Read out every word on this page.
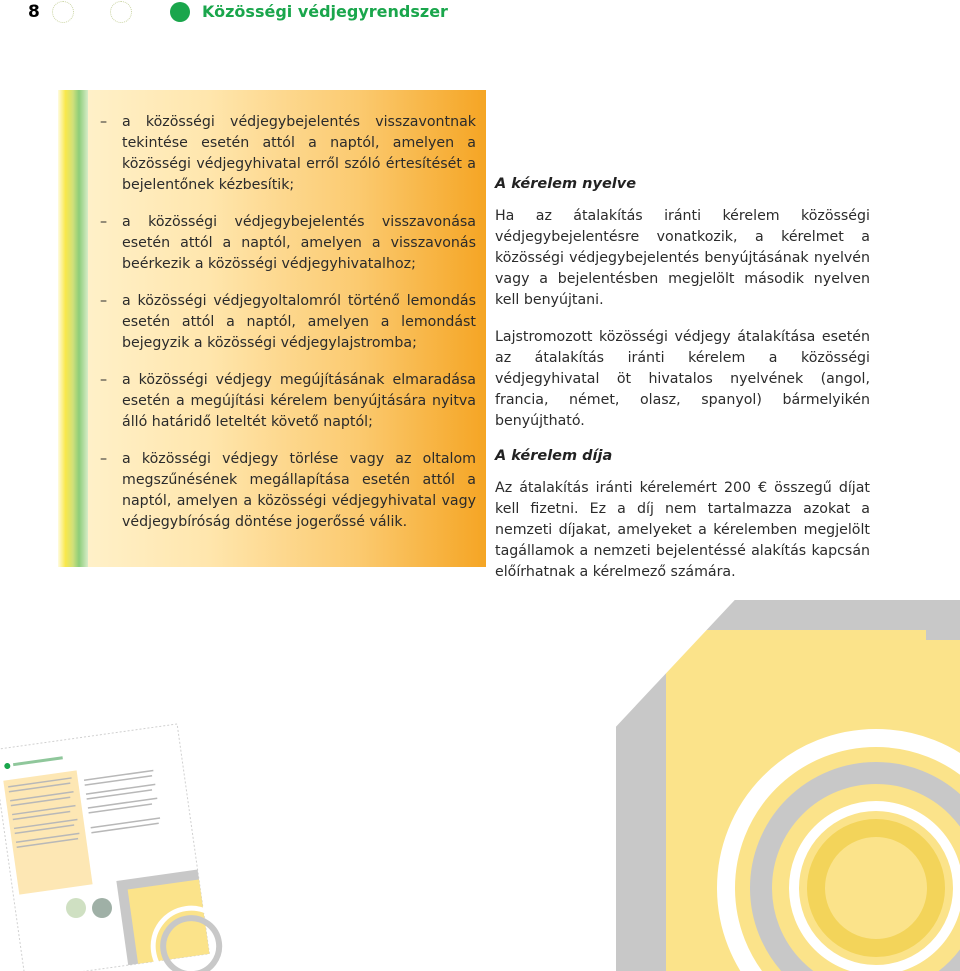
8	Közösségi védjegyrendszer
– a közösségi védjegybejelentés visszavontnak tekintése esetén attól a naptól, amelyen a közösségi védjegyhivatal erről szóló értesítését a bejelentőnek kézbesítik;
– a közösségi védjegybejelentés visszavonása esetén attól a naptól, amelyen a visszavonás beérkezik a közösségi védjegyhivatalhoz;
– a közösségi védjegyoltalomról történő lemondás esetén attól a naptól, amelyen a lemondást bejegyzik a közösségi védjegylajstromba;
– a közösségi védjegy megújításának elmaradása esetén a megújítási kérelem benyújtására nyitva álló határidő leteltét követő naptól;
– a közösségi védjegy törlése vagy az oltalom megszűnésének megállapítása esetén attól a naptól, amelyen a közösségi védjegyhivatal vagy védjegybíróság döntése jogerőssé válik.
A kérelem nyelve

Ha az átalakítás iránti kérelem közösségi védjegybejelentésre vonatkozik, a kérelmet a közösségi védjegybejelentés benyújtásának nyelvén vagy a bejelentésben megjelölt második nyelven kell benyújtani.

Lajstromozott közösségi védjegy átalakítása esetén az átalakítás iránti kérelem a közösségi védjegyhivatal öt hivatalos nyelvének (angol, francia, német, olasz, spanyol) bármelyikén benyújtható.

A kérelem díja

Az átalakítás iránti kérelemért 200 € összegű díjat kell fizetni. Ez a díj nem tartalmazza azokat a nemzeti díjakat, amelyeket a kérelemben megjelölt tagállamok a nemzeti bejelentéssé alakítás kapcsán előírhatnak a kérelmező számára.
